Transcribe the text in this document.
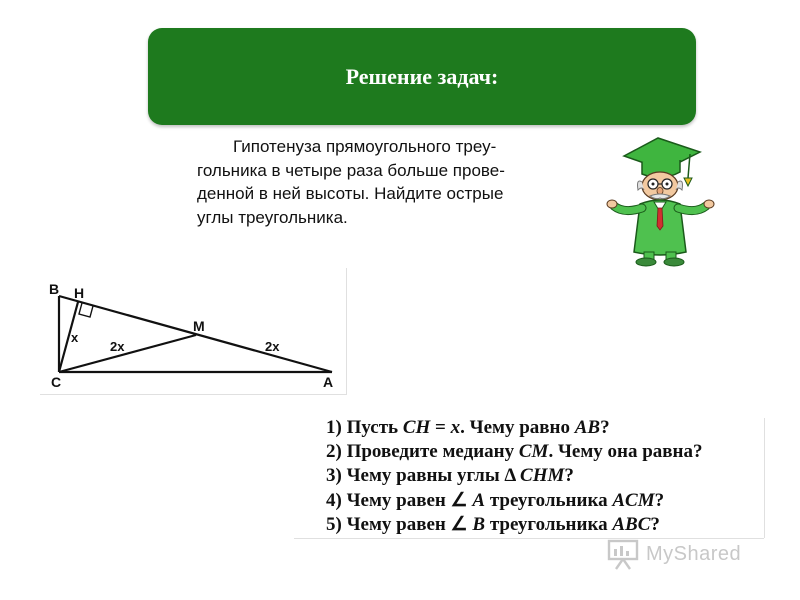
Решение задач:
Гипотенуза прямоугольного треу-
гольника в четыре раза больше прове-
денной в ней высоты. Найдите острые
углы треугольника.
B H
M
C	A
x
2x	2x
1) Пусть CH = x. Чему равно AB?
2) Проведите медиану CM. Чему она равна?
3) Чему равны углы Δ CHM?
4) Чему равен ∠ A треугольника ACM?
5) Чему равен ∠ B треугольника ABC?
MyShared
